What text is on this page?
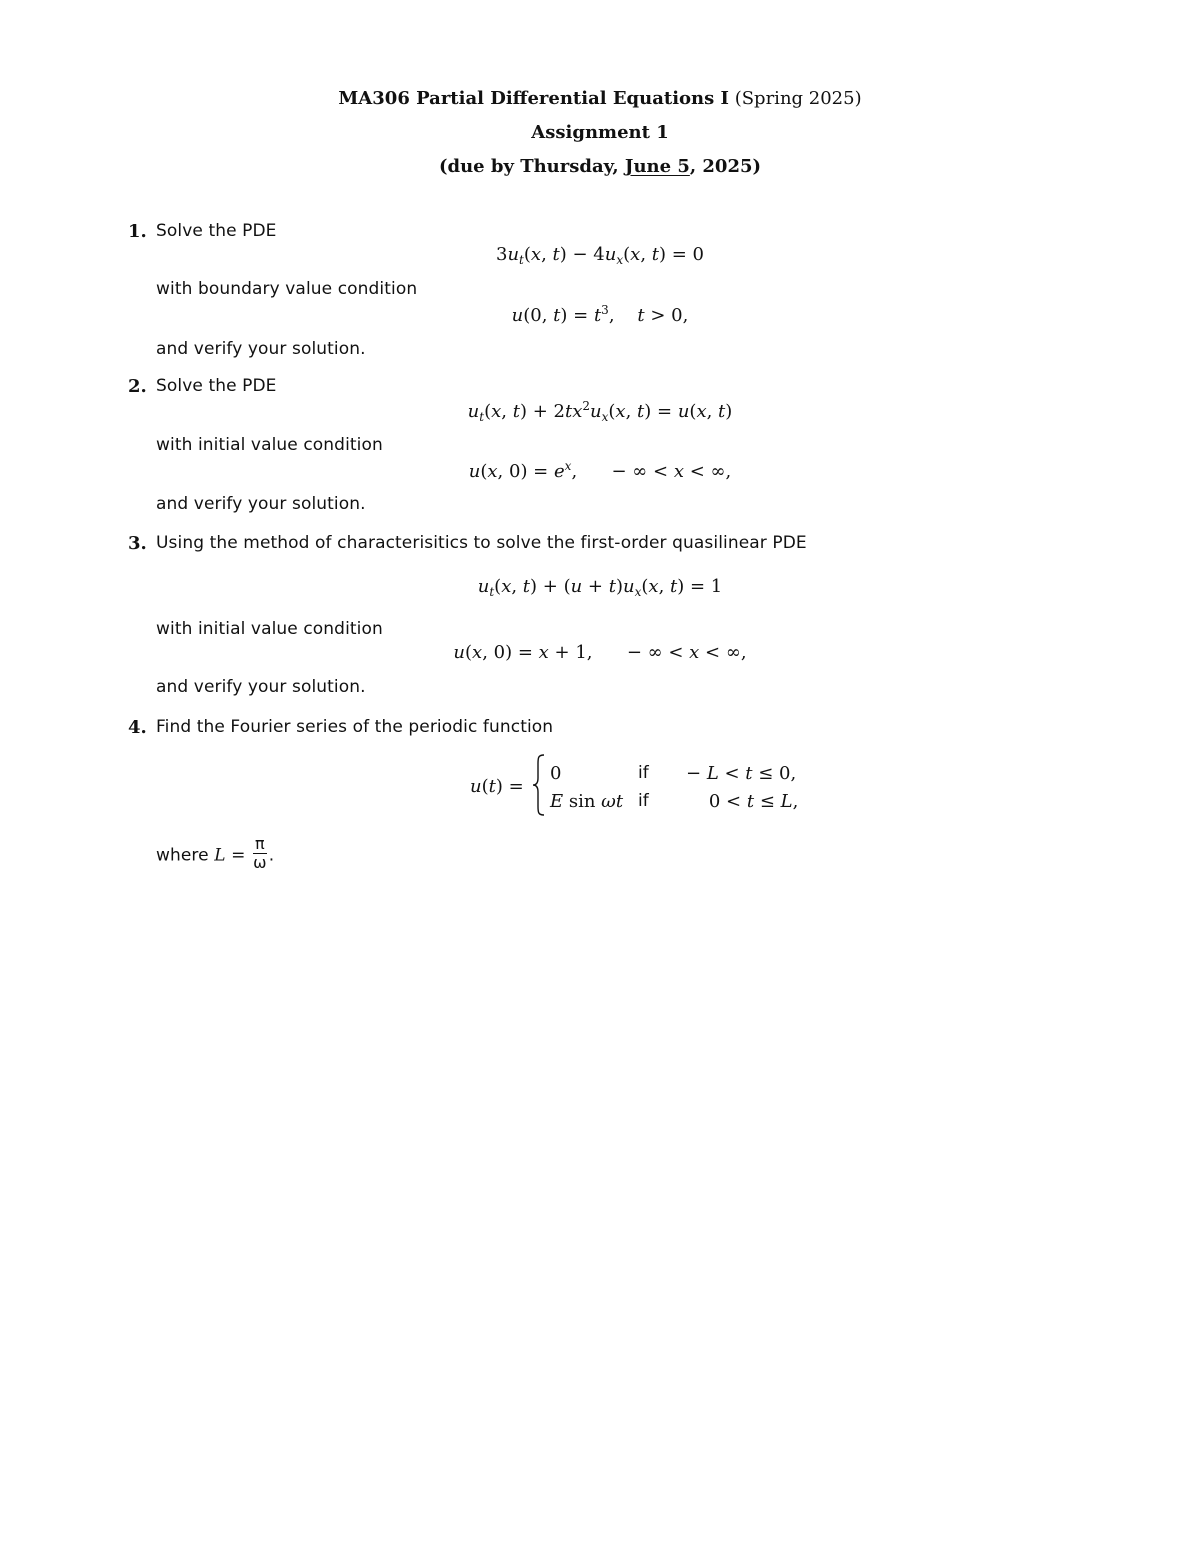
MA306 Partial Differential Equations I (Spring 2025)
Assignment 1
(due by Thursday, June 5, 2025)
1. Solve the PDE
$3u_t(x$, $t) - 4u_x(x$, t) = 0
with boundary value condition
u(0, $t) = t^3$,    t > 0,
and verify your solution.
2. Solve the PDE
$u_t(x$, $t) + 2tx^2u_x(x$, t) = u(x, t)
with initial value condition
u(x, $0) = e^x$,      − ∞ < x < ∞,
and verify your solution.
3. Using the method of characterisitics to solve the first-order quasilinear PDE
$u_t(x$, $t) + (u + t)u_x(x$, t) = 1
with initial value condition
u(x, 0) = x + 1,      − ∞ < x < ∞,
and verify your solution.
4. Find the Fourier series of the periodic function
u(t) =
0	if − L < t ≤ 0,
E sin ωt if 0 < t ≤ L,
where $L = \frac{\pi}{\omega}$ .
